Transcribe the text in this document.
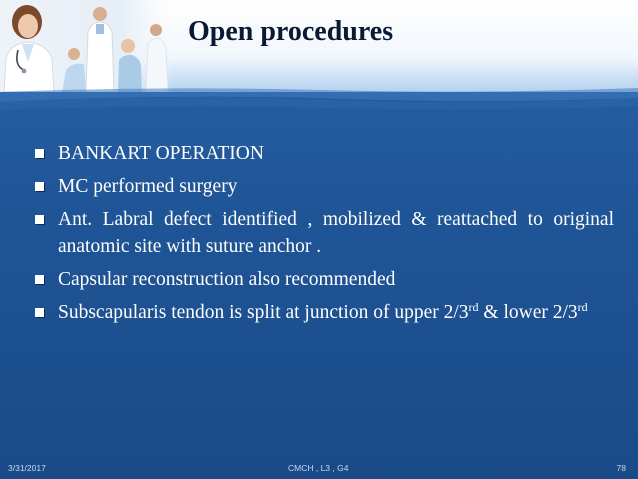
Open procedures
BANKART OPERATION
MC performed surgery
Ant. Labral defect identified , mobilized & reattached to original anatomic site with suture anchor .
Capsular reconstruction also recommended
Subscapularis tendon is split at junction of upper 2/3rd & lower 2/3rd
3/31/2017	CMCH , L3 , G4	78
